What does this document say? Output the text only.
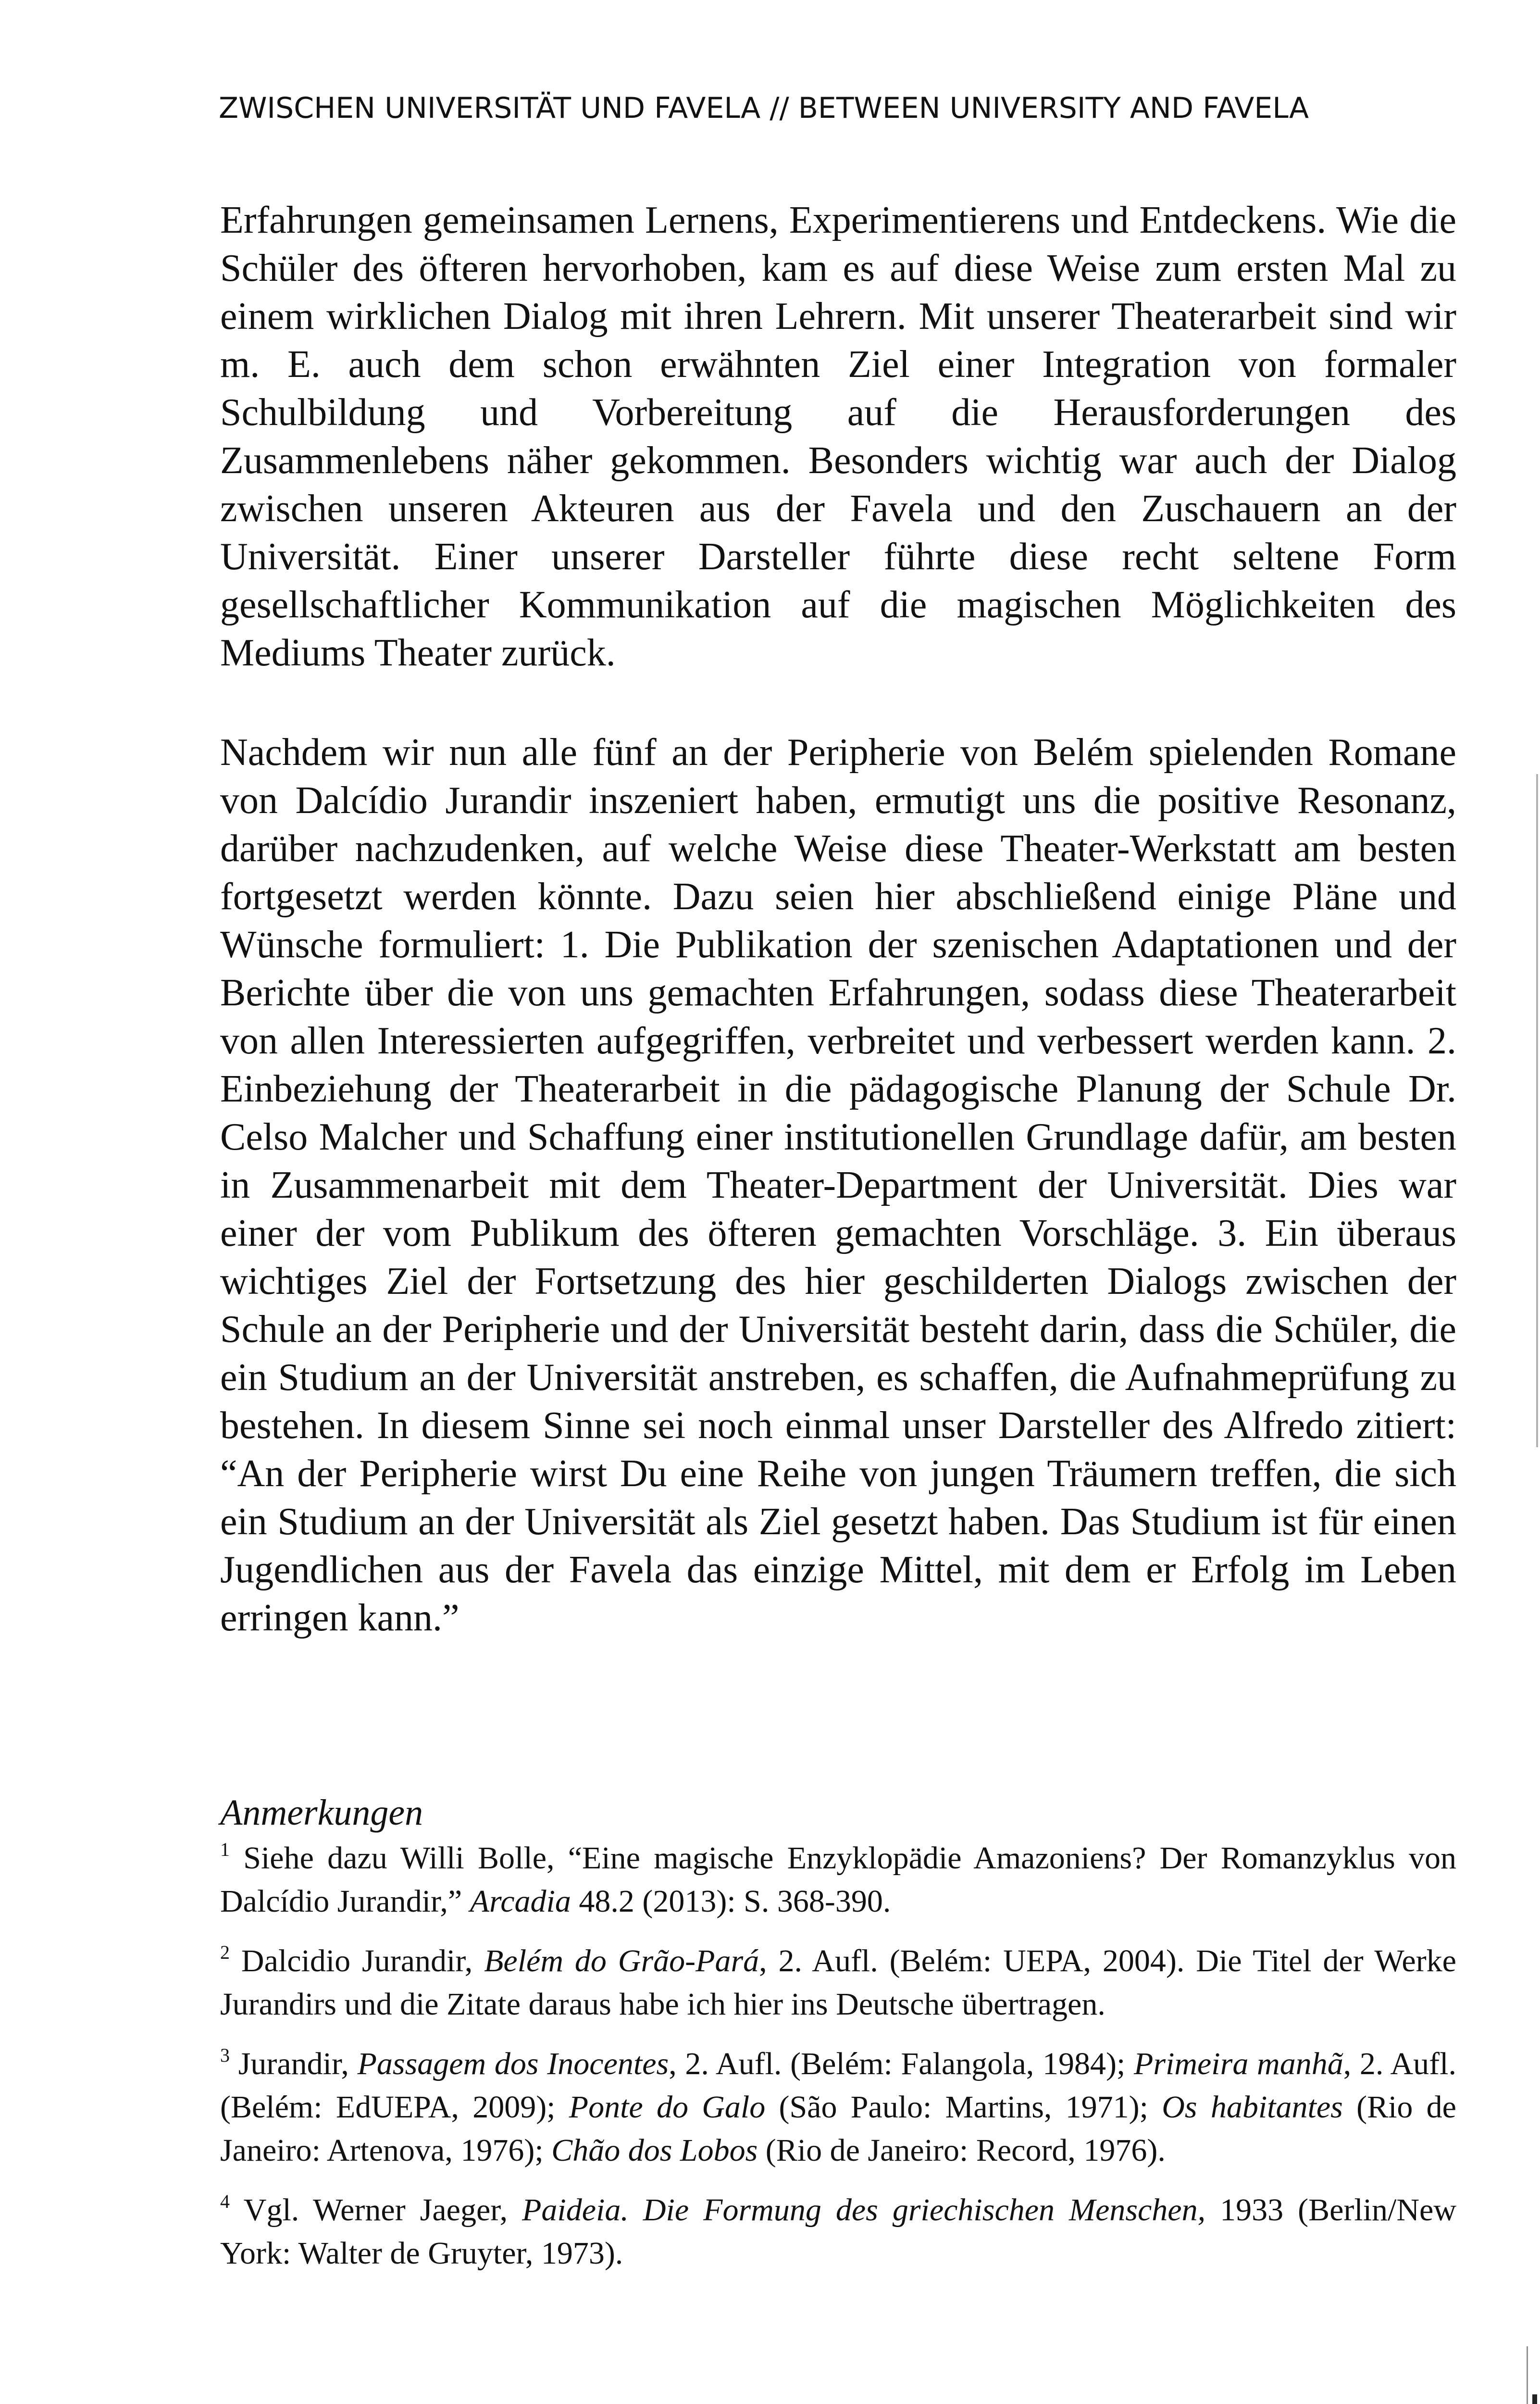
ZWISCHEN UNIVERSITÄT UND FAVELA // BETWEEN UNIVERSITY AND FAVELA

Erfahrungen gemeinsamen Lernens, Experimentierens und Entdeckens. Wie die Schüler des öfteren hervorhoben, kam es auf diese Weise zum ersten Mal zu einem wirklichen Dialog mit ihren Lehrern. Mit unserer Theaterarbeit sind wir m. E. auch dem schon erwähnten Ziel einer Integration von formaler Schulbildung und Vorbereitung auf die Herausforderungen des Zusammenlebens näher gekommen. Besonders wichtig war auch der Dialog zwischen unseren Akteuren aus der Favela und den Zuschauern an der Universität. Einer unserer Darsteller führte diese recht seltene Form gesellschaftlicher Kommunikation auf die magischen Möglichkeiten des Mediums Theater zurück.

Nachdem wir nun alle fünf an der Peripherie von Belém spielenden Romane von Dalcídio Jurandir inszeniert haben, ermutigt uns die positive Resonanz, darüber nachzudenken, auf welche Weise diese Theater-Werkstatt am besten fortgesetzt werden könnte. Dazu seien hier abschließend einige Pläne und Wünsche formuliert: 1. Die Publikation der szenischen Adaptationen und der Berichte über die von uns gemachten Erfahrungen, sodass diese Theaterarbeit von allen Interessierten aufgegriffen, verbreitet und verbessert werden kann. 2. Einbeziehung der Theaterarbeit in die pädagogische Planung der Schule Dr. Celso Malcher und Schaffung einer institutionellen Grundlage dafür, am besten in Zusammenarbeit mit dem Theater-Department der Universität. Dies war einer der vom Publikum des öfteren gemachten Vorschläge. 3. Ein überaus wichtiges Ziel der Fortsetzung des hier geschilderten Dialogs zwischen der Schule an der Peripherie und der Universität besteht darin, dass die Schüler, die ein Studium an der Universität anstreben, es schaffen, die Aufnahmeprüfung zu bestehen. In diesem Sinne sei noch einmal unser Darsteller des Alfredo zitiert: “An der Peripherie wirst Du eine Reihe von jungen Träumern treffen, die sich ein Studium an der Universität als Ziel gesetzt haben. Das Studium ist für einen Jugendlichen aus der Favela das einzige Mittel, mit dem er Erfolg im Leben erringen kann.”

Anmerkungen

$^1$ Siehe dazu Willi Bolle, “Eine magische Enzyklopädie Amazoniens? Der Romanzyklus von Dalcídio Jurandir,” Arcadia 48.2 (2013): S. 368-390.

$^2$ Dalcidio Jurandir, Belém do Grão-Pará, 2. Aufl. (Belém: UEPA, 2004). Die Titel der Werke Jurandirs und die Zitate daraus habe ich hier ins Deutsche übertragen.

$^3$ Jurandir, Passagem dos Inocentes, 2. Aufl. (Belém: Falangola, 1984); Primeira manhã, 2. Aufl. (Belém: EdUEPA, 2009); Ponte do Galo (São Paulo: Martins, 1971); Os habitantes (Rio de Janeiro: Artenova, 1976); Chão dos Lobos (Rio de Janeiro: Record, 1976).

$^4$ Vgl. Werner Jaeger, Paideia. Die Formung des griechischen Menschen, 1933 (Berlin/New York: Walter de Gruyter, 1973).
